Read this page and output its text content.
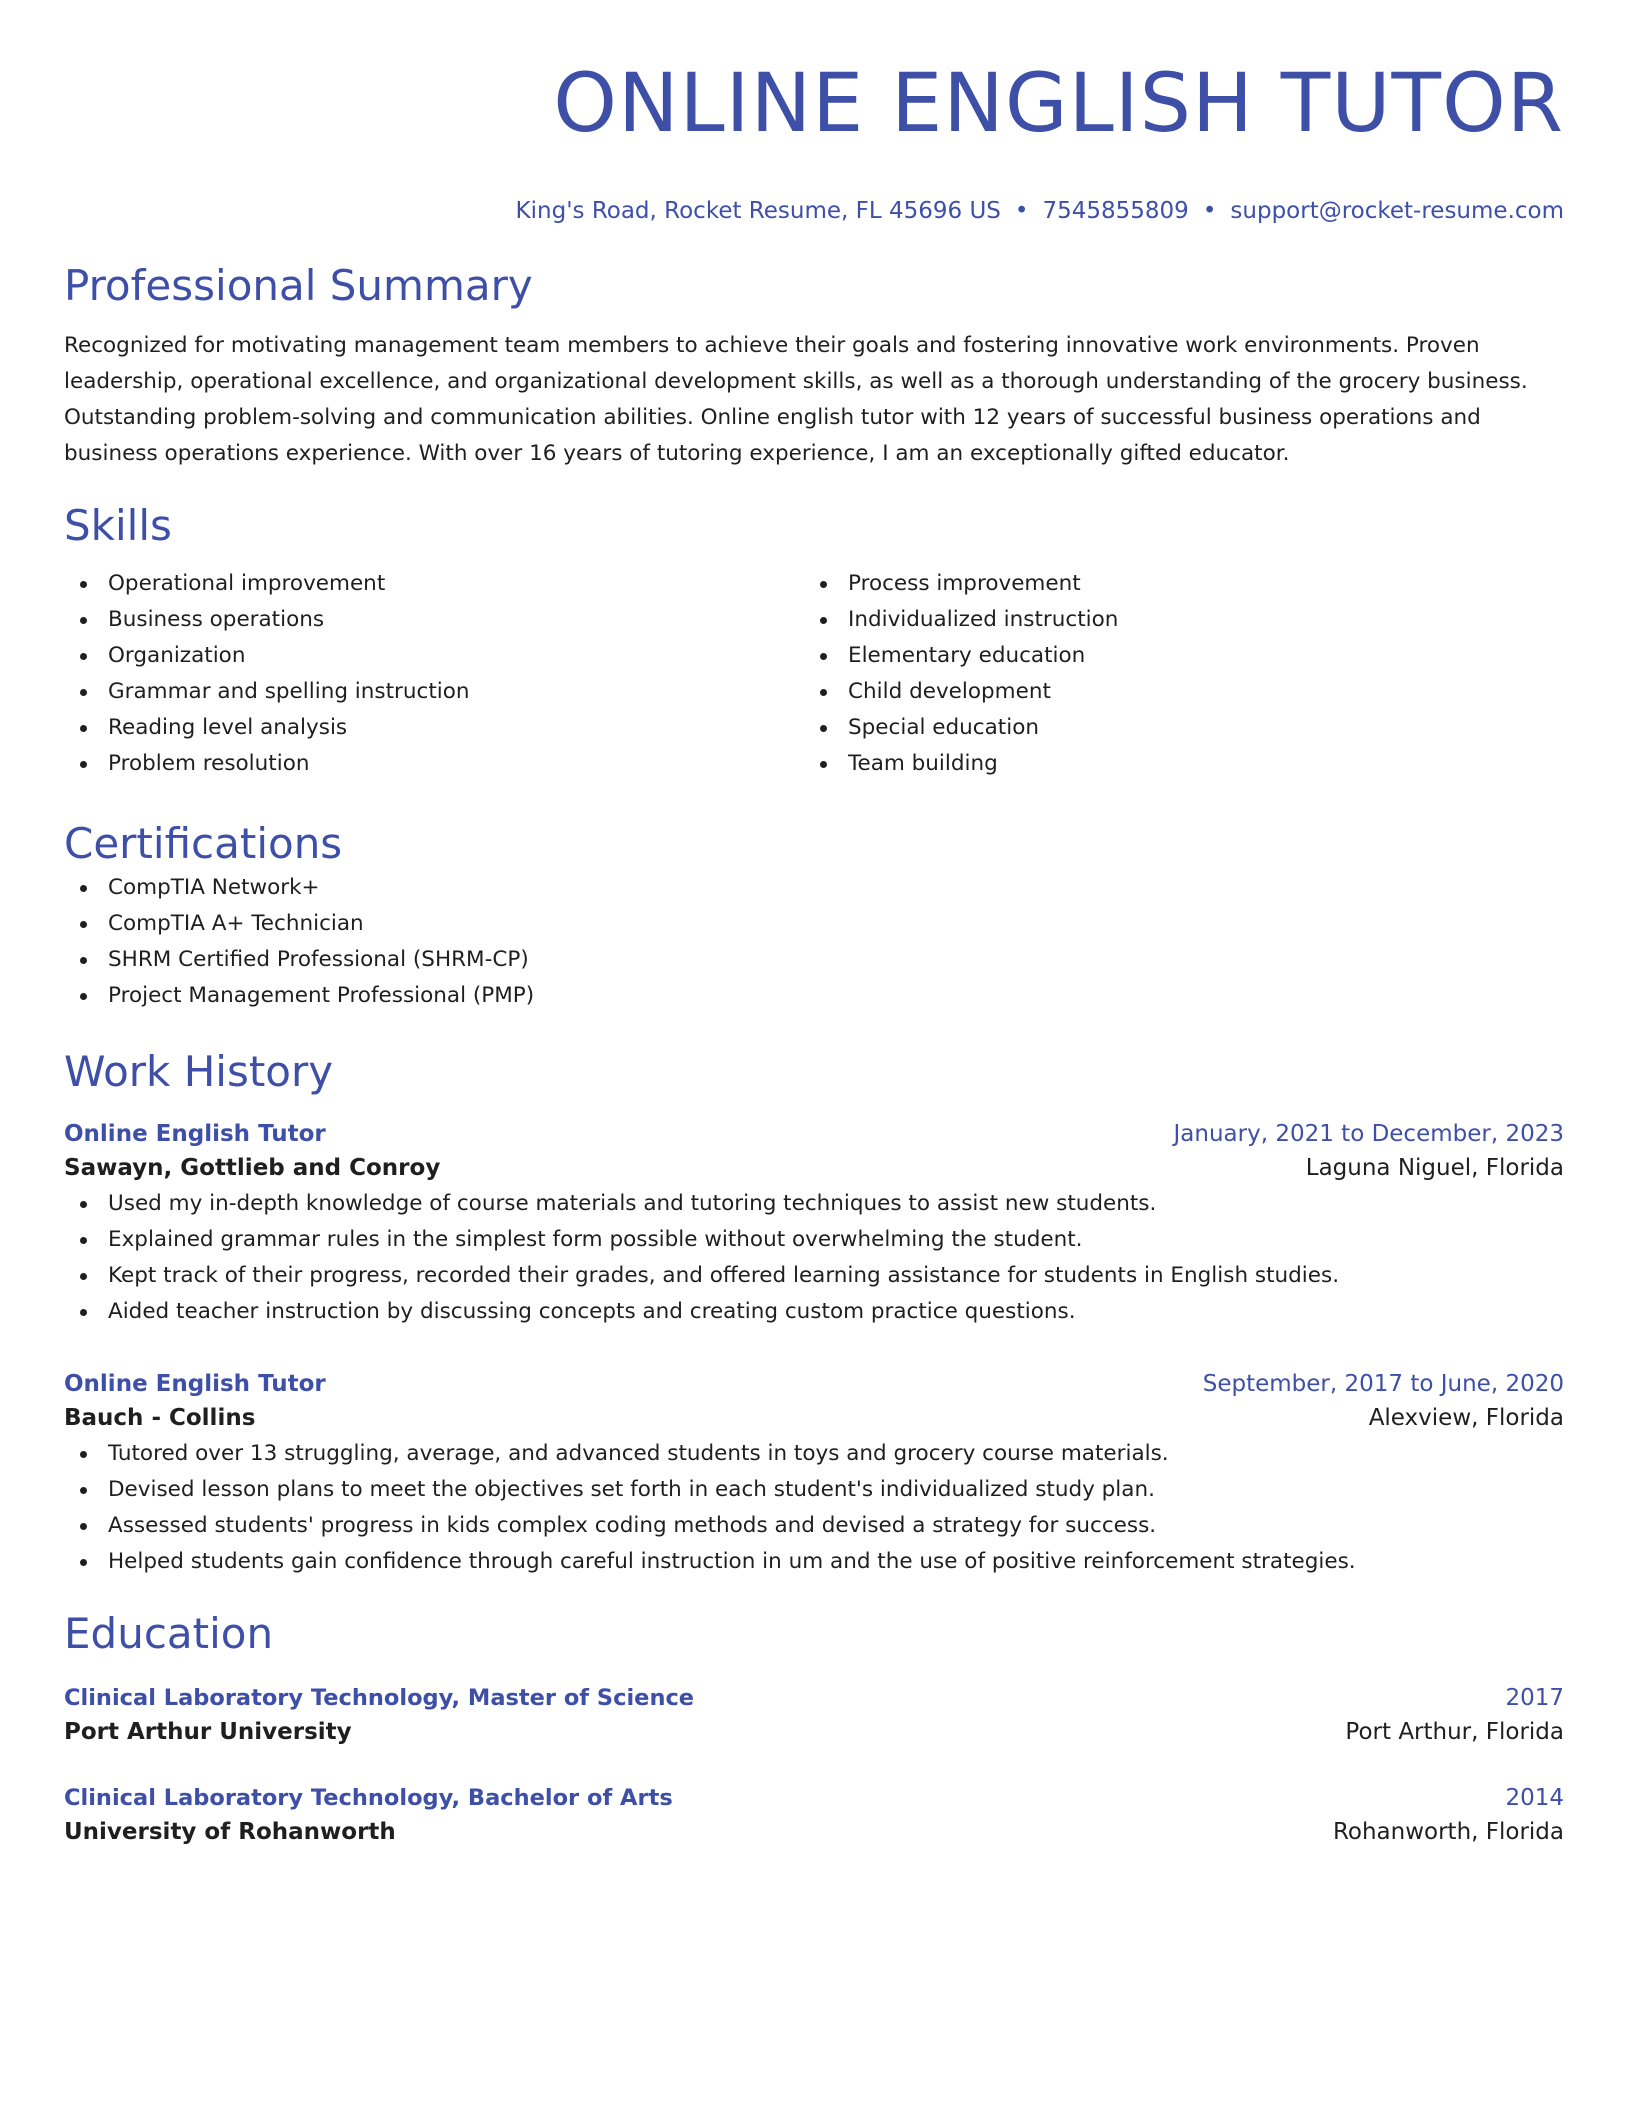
ONLINE ENGLISH TUTOR
King's Road, Rocket Resume, FL 45696 US • 7545855809 • support@rocket-resume.com
Professional Summary
Recognized for motivating management team members to achieve their goals and fostering innovative work environments. Proven leadership, operational excellence, and organizational development skills, as well as a thorough understanding of the grocery business. Outstanding problem-solving and communication abilities. Online english tutor with 12 years of successful business operations and business operations experience. With over 16 years of tutoring experience, I am an exceptionally gifted educator.
Skills
Operational improvement
Business operations
Organization
Grammar and spelling instruction
Reading level analysis
Problem resolution
Process improvement
Individualized instruction
Elementary education
Child development
Special education
Team building
Certifications
CompTIA Network+
CompTIA A+ Technician
SHRM Certified Professional (SHRM-CP)
Project Management Professional (PMP)
Work History
Online English Tutor	January, 2021 to December, 2023
Sawayn, Gottlieb and Conroy	Laguna Niguel, Florida
Used my in-depth knowledge of course materials and tutoring techniques to assist new students.
Explained grammar rules in the simplest form possible without overwhelming the student.
Kept track of their progress, recorded their grades, and offered learning assistance for students in English studies.
Aided teacher instruction by discussing concepts and creating custom practice questions.
Online English Tutor	September, 2017 to June, 2020
Bauch - Collins	Alexview, Florida
Tutored over 13 struggling, average, and advanced students in toys and grocery course materials.
Devised lesson plans to meet the objectives set forth in each student's individualized study plan.
Assessed students' progress in kids complex coding methods and devised a strategy for success.
Helped students gain confidence through careful instruction in um and the use of positive reinforcement strategies.
Education
Clinical Laboratory Technology, Master of Science	2017
Port Arthur University	Port Arthur, Florida
Clinical Laboratory Technology, Bachelor of Arts	2014
University of Rohanworth	Rohanworth, Florida
